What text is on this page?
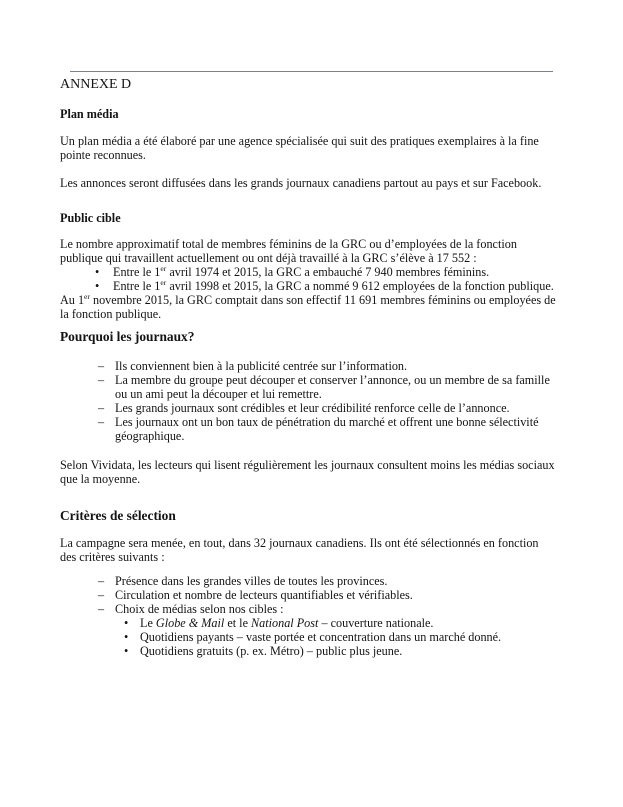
ANNEXE D
Plan média

Un plan média a été élaboré par une agence spécialisée qui suit des pratiques exemplaires à la fine pointe reconnues.

Les annonces seront diffusées dans les grands journaux canadiens partout au pays et sur Facebook.

Public cible

Le nombre approximatif total de membres féminins de la GRC ou d’employées de la fonction publique qui travaillent actuellement ou ont déjà travaillé à la GRC s’élève à 17 552 :

• Entre le 1er avril 1974 et 2015, la GRC a embauché 7 940 membres féminins.
• Entre le 1er avril 1998 et 2015, la GRC a nommé 9 612 employées de la fonction publique.

Au 1er novembre 2015, la GRC comptait dans son effectif 11 691 membres féminins ou employées de la fonction publique.

Pourquoi les journaux?
– Ils conviennent bien à la publicité centrée sur l’information.
– La membre du groupe peut découper et conserver l’annonce, ou un membre de sa famille ou un ami peut la découper et lui remettre.
– Les grands journaux sont crédibles et leur crédibilité renforce celle de l’annonce.
– Les journaux ont un bon taux de pénétration du marché et offrent une bonne sélectivité géographique.

Selon Vividata, les lecteurs qui lisent régulièrement les journaux consultent moins les médias sociaux que la moyenne.

Critères de sélection

La campagne sera menée, en tout, dans 32 journaux canadiens. Ils ont été sélectionnés en fonction des critères suivants :

– Présence dans les grandes villes de toutes les provinces.
– Circulation et nombre de lecteurs quantifiables et vérifiables.
– Choix de médias selon nos cibles :
• Le Globe & Mail et le National Post – couverture nationale.
• Quotidiens payants – vaste portée et concentration dans un marché donné.
• Quotidiens gratuits (p. ex. Métro) – public plus jeune.
